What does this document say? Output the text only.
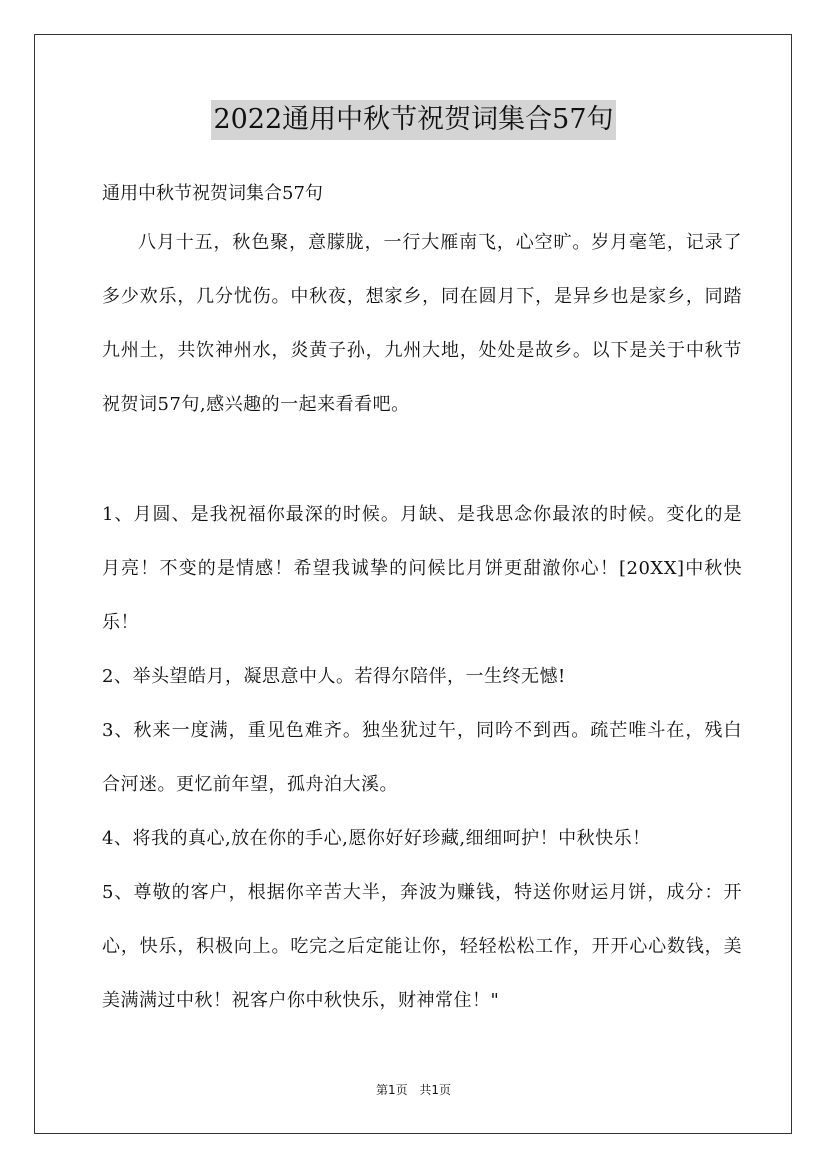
2022通用中秋节祝贺词集合57句

通用中秋节祝贺词集合57句

八月十五，秋色聚，意朦胧，一行大雁南飞，心空旷。岁月毫笔，记录了多少欢乐，几分忧伤。中秋夜，想家乡，同在圆月下，是异乡也是家乡，同踏九州土，共饮神州水，炎黄子孙，九州大地，处处是故乡。以下是关于中秋节祝贺词57句,感兴趣的一起来看看吧。

1、月圆、是我祝福你最深的时候。月缺、是我思念你最浓的时候。变化的是月亮！不变的是情感！希望我诚挚的问候比月饼更甜澈你心！[20XX]中秋快乐！

2、举头望皓月，凝思意中人。若得尔陪伴，一生终无憾!

3、秋来一度满，重见色难齐。独坐犹过午，同吟不到西。疏芒唯斗在，残白合河迷。更忆前年望，孤舟泊大溪。

4、将我的真心,放在你的手心,愿你好好珍藏,细细呵护！中秋快乐！

5、尊敬的客户，根据你辛苦大半，奔波为赚钱，特送你财运月饼，成分：开心，快乐，积极向上。吃完之后定能让你，轻轻松松工作，开开心心数钱，美美满满过中秋！祝客户你中秋快乐，财神常住！"

第1页 共1页
